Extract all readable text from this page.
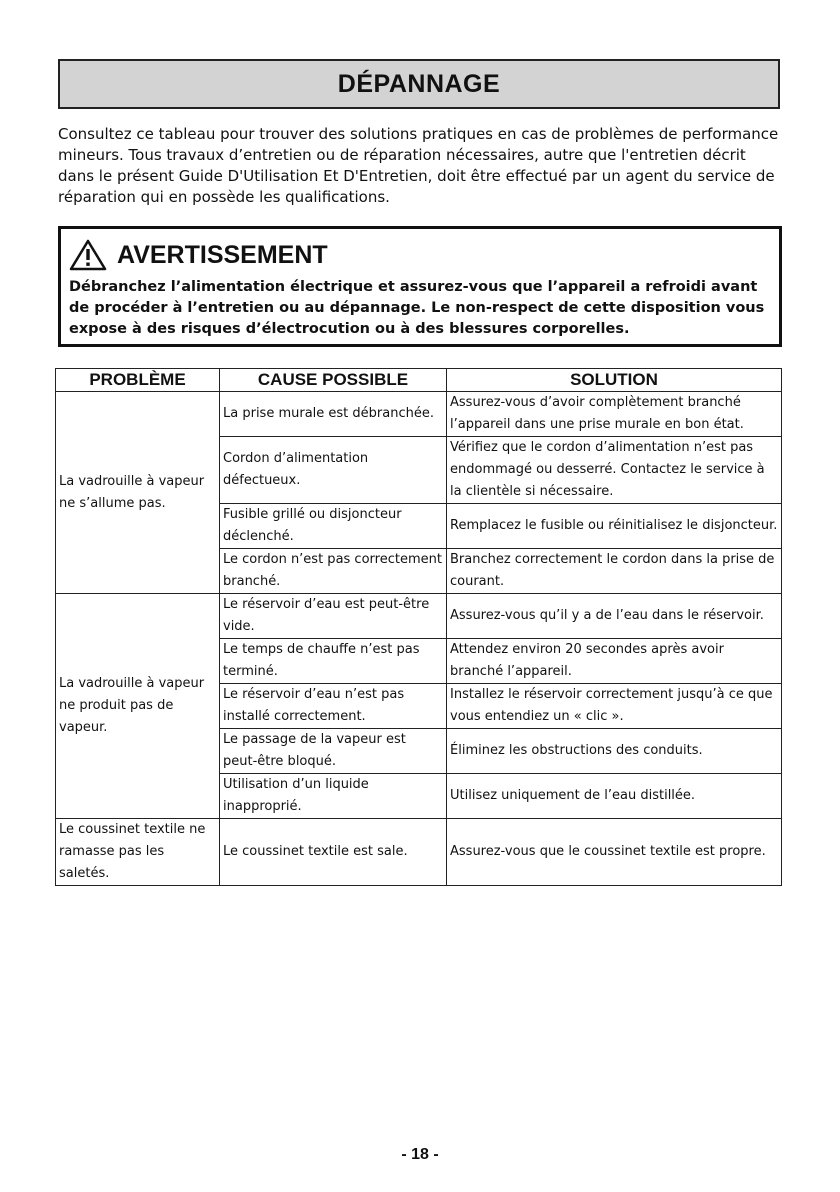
DÉPANNAGE

Consultez ce tableau pour trouver des solutions pratiques en cas de problèmes de performance mineurs. Tous travaux d’entretien ou de réparation nécessaires, autre que l'entretien décrit dans le présent Guide D'Utilisation Et D'Entretien, doit être effectué par un agent du service de réparation qui en possède les qualifications.

AVERTISSEMENT

Débranchez l’alimentation électrique et assurez-vous que l’appareil a refroidi avant de procéder à l’entretien ou au dépannage. Le non-respect de cette disposition vous expose à des risques d’électrocution ou à des blessures corporelles.

PROBLÈME	CAUSE POSSIBLE	SOLUTION
La vadrouille à vapeur ne s’allume pas.	La prise murale est débranchée.	Assurez-vous d’avoir complètement branché l’appareil dans une prise murale en bon état.
	Cordon d’alimentation défectueux.	Vérifiez que le cordon d’alimentation n’est pas endommagé ou desserré. Contactez le service à la clientèle si nécessaire.
	Fusible grillé ou disjoncteur déclenché.	Remplacez le fusible ou réinitialisez le disjoncteur.
	Le cordon n’est pas correctement branché.	Branchez correctement le cordon dans la prise de courant.
La vadrouille à vapeur ne produit pas de vapeur.	Le réservoir d’eau est peut-être vide.	Assurez-vous qu’il y a de l’eau dans le réservoir.
	Le temps de chauffe n’est pas terminé.	Attendez environ 20 secondes après avoir branché l’appareil.
	Le réservoir d’eau n’est pas installé correctement.	Installez le réservoir correctement jusqu’à ce que vous entendiez un « clic ».
	Le passage de la vapeur est peut-être bloqué.	Éliminez les obstructions des conduits.
	Utilisation d’un liquide inapproprié.	Utilisez uniquement de l’eau distillée.
Le coussinet textile ne ramasse pas les saletés.	Le coussinet textile est sale.	Assurez-vous que le coussinet textile est propre.
- 18 -
